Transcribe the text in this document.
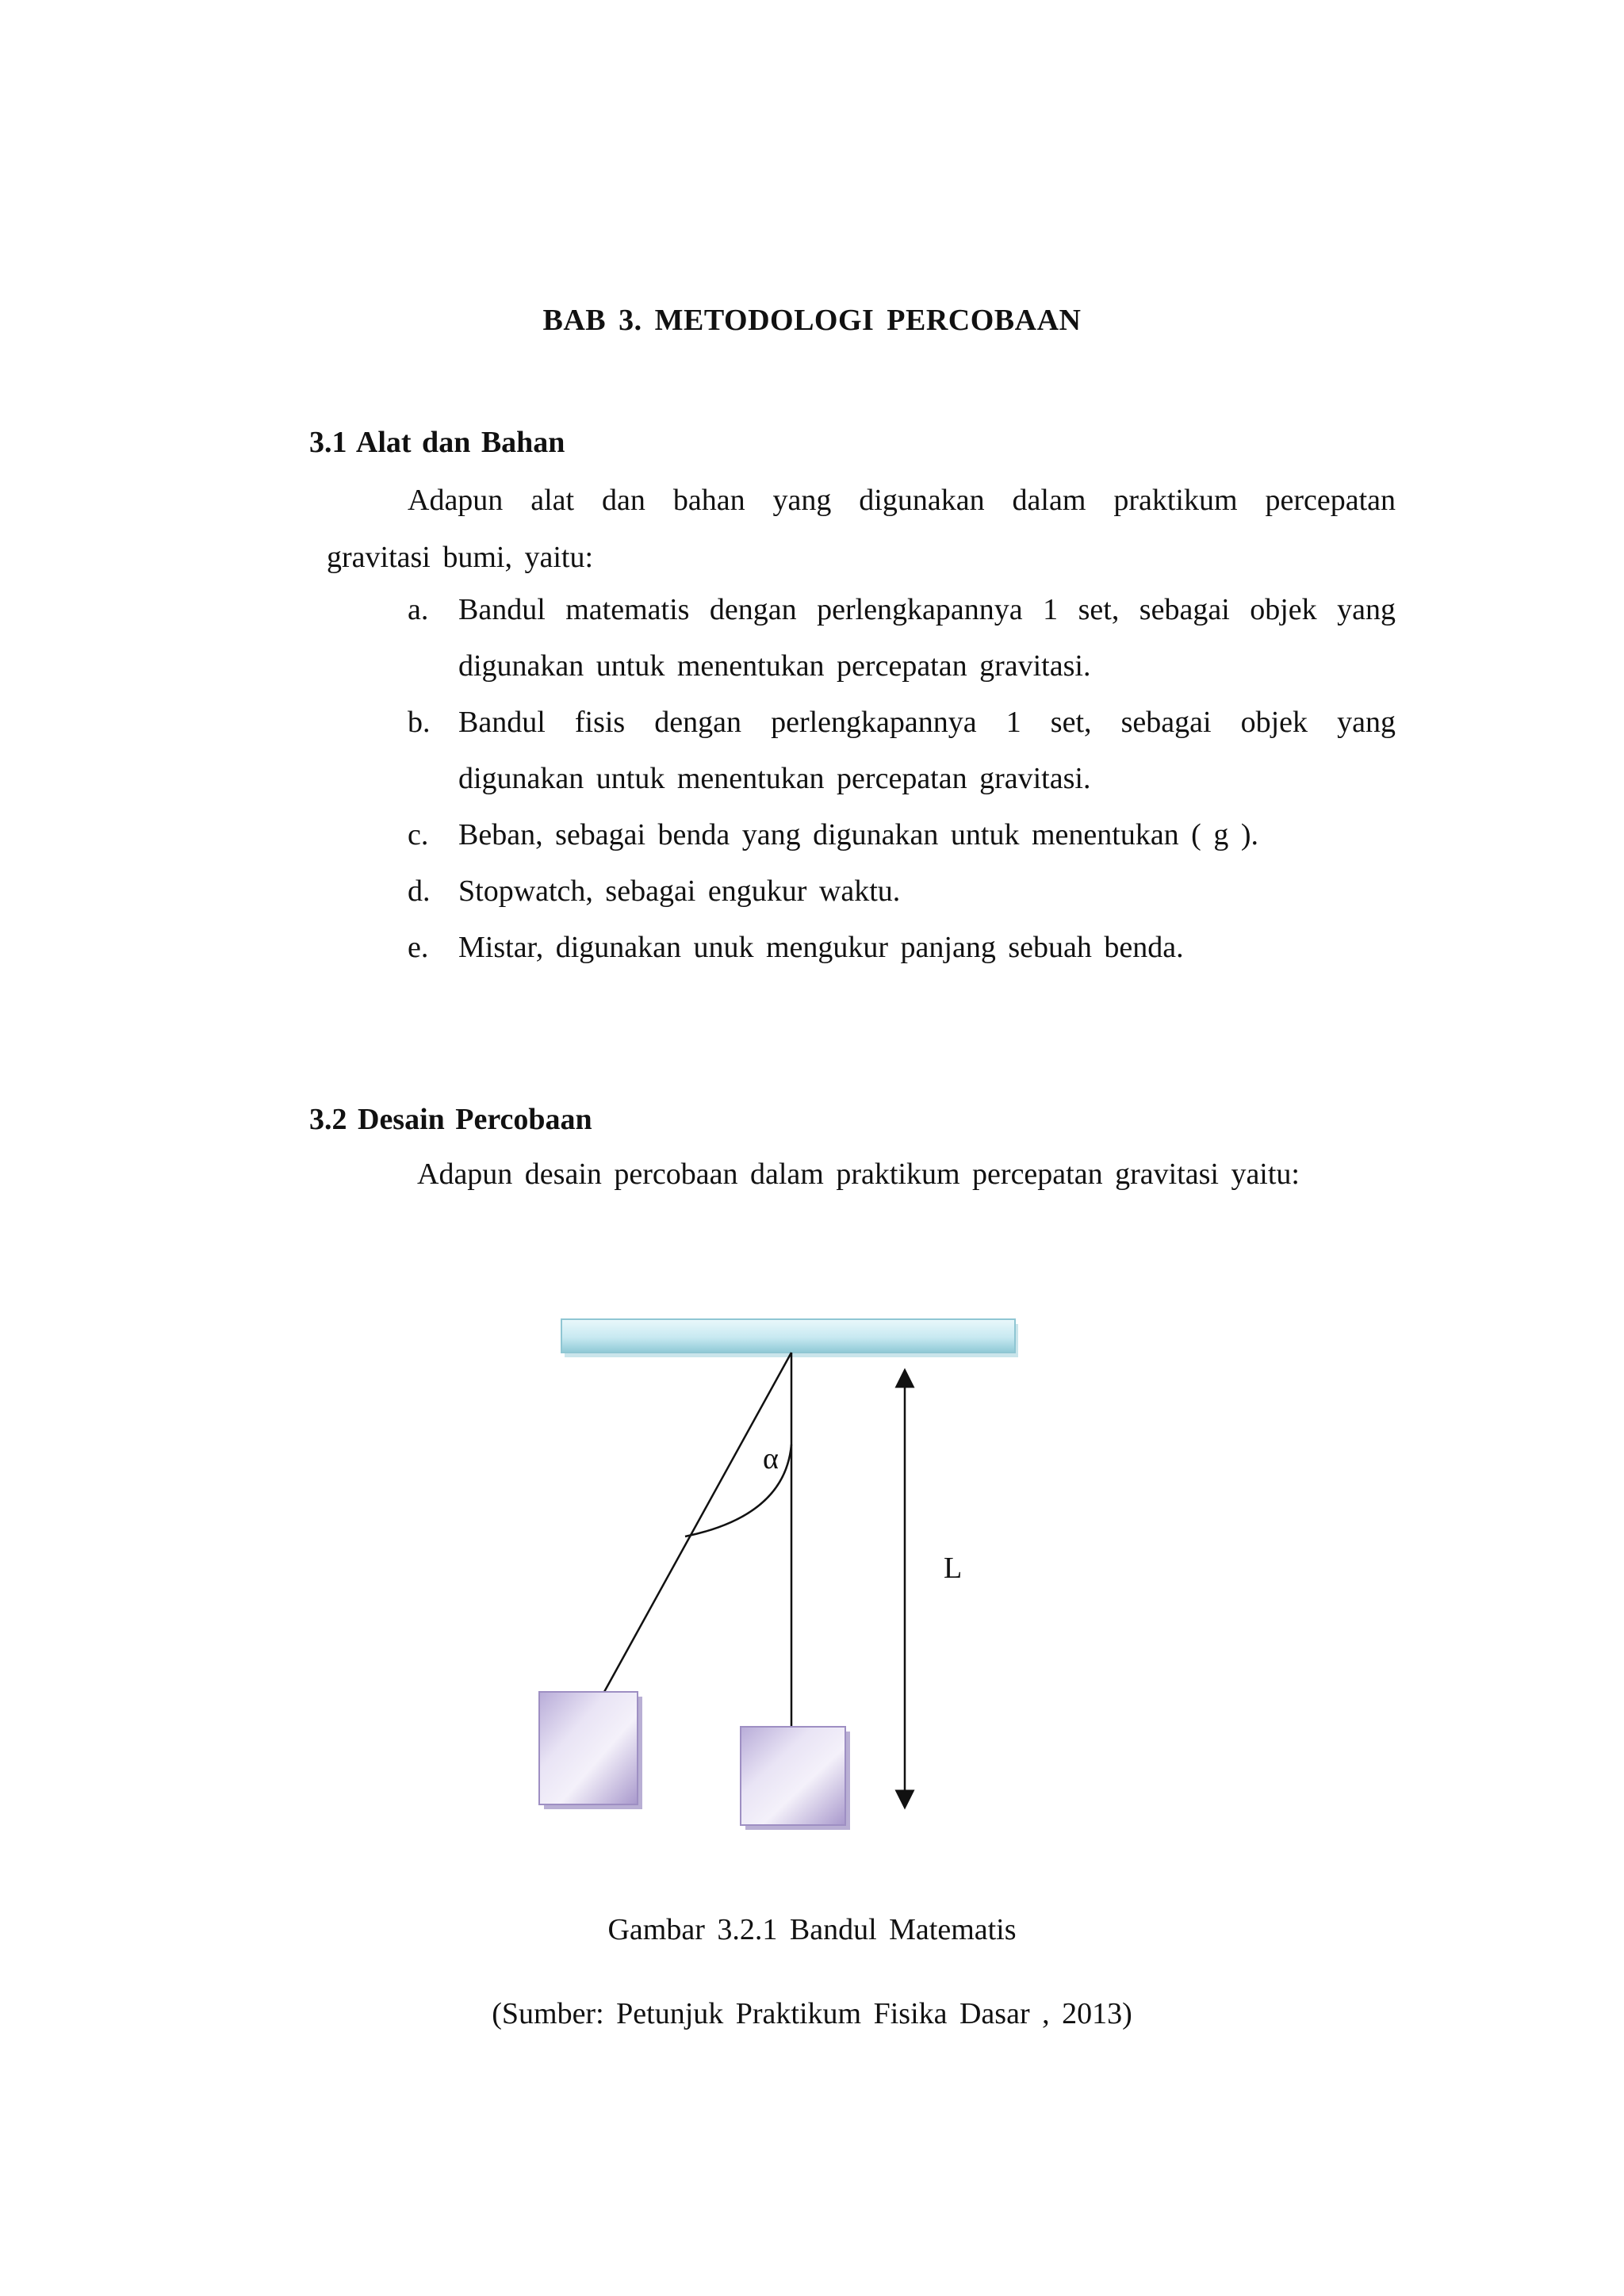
BAB 3. METODOLOGI PERCOBAAN
3.1 Alat dan Bahan
Adapun alat dan bahan yang digunakan dalam praktikum percepatan
gravitasi bumi, yaitu:
a. Bandul matematis dengan perlengkapannya 1 set, sebagai objek yang
digunakan untuk menentukan percepatan gravitasi.
b. Bandul fisis dengan perlengkapannya 1 set, sebagai objek yang
digunakan untuk menentukan percepatan gravitasi.
c. Beban, sebagai benda yang digunakan untuk menentukan ( g ).
d. Stopwatch, sebagai engukur waktu.
e. Mistar, digunakan unuk mengukur panjang sebuah benda.
3.2 Desain Percobaan
Adapun desain percobaan dalam praktikum percepatan gravitasi yaitu:
α
L
Gambar 3.2.1 Bandul Matematis
(Sumber: Petunjuk Praktikum Fisika Dasar , 2013)
